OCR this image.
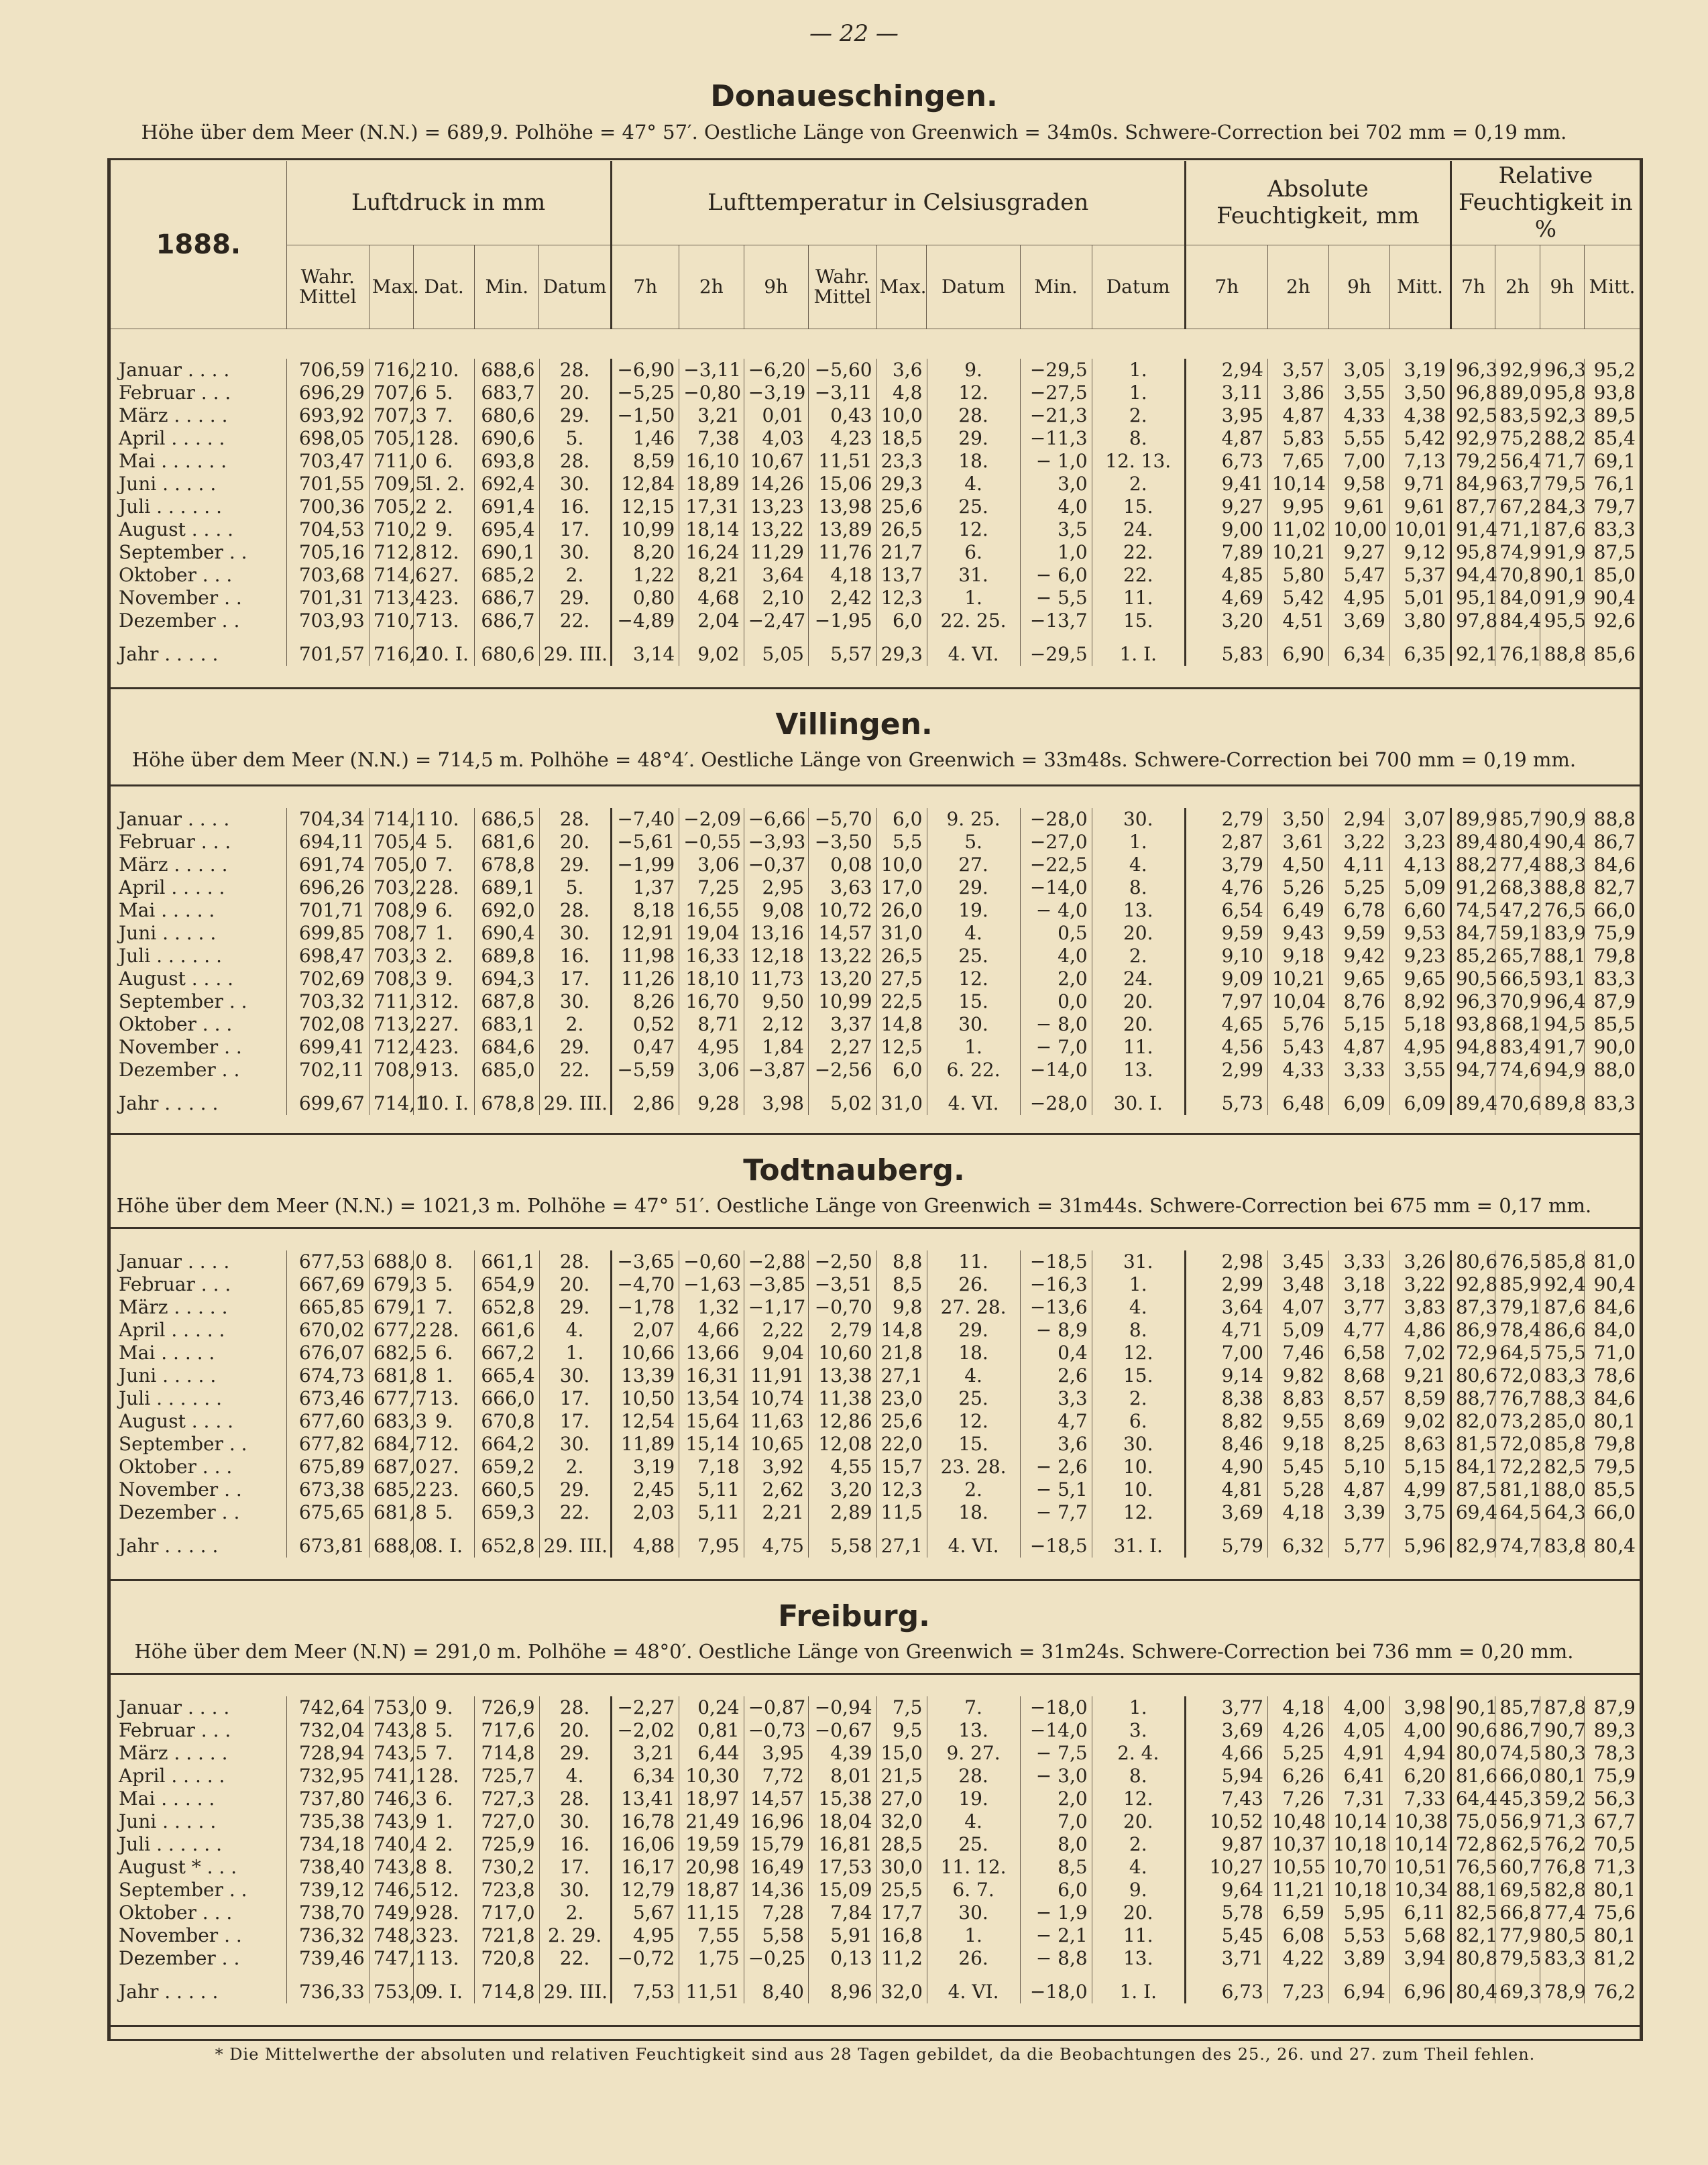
— 22 —
Donaueschingen.
Höhe über dem Meer (N.N.) = 689,9. Polhöhe = 47° 57′. Oestliche Länge von Greenwich = 34m0s. Schwere-Correction bei 702 mm = 0,19 mm.
1888.	Luftdruck in mm					Lufttemperatur in Celsiusgraden								Absolute Feuchtigkeit, mm				Relative Feuchtigkeit in %			
	Wahr. Mittel	Max.	Dat.	Min.	Datum	7h	2h	9h	Wahr. Mittel	Max.	Datum	Min.	Datum	7h	2h	9h	Mitt.	7h	2h	9h	Mitt.
Januar . . . .	706,59	716,2	10.	688,6	28.	−6,90	−3,11	−6,20	−5,60	3,6	9.	−29,5	1.	2,94	3,57	3,05	3,19	96,3	92,9	96,3	95,2
Februar . . .	696,29	707,6	5.	683,7	20.	−5,25	−0,80	−3,19	−3,11	4,8	12.	−27,5	1.	3,11	3,86	3,55	3,50	96,8	89,0	95,8	93,8
März . . . . .	693,92	707,3	7.	680,6	29.	−1,50	3,21	0,01	0,43	10,0	28.	−21,3	2.	3,95	4,87	4,33	4,38	92,5	83,5	92,3	89,5
April . . . . .	698,05	705,1	28.	690,6	5.	1,46	7,38	4,03	4,23	18,5	29.	−11,3	8.	4,87	5,83	5,55	5,42	92,9	75,2	88,2	85,4
Mai . . . . . .	703,47	711,0	6.	693,8	28.	8,59	16,10	10,67	11,51	23,3	18.	− 1,0	12. 13.	6,73	7,65	7,00	7,13	79,2	56,4	71,7	69,1
Juni . . . . .	701,55	709,5	1. 2.	692,4	30.	12,84	18,89	14,26	15,06	29,3	4.	3,0	2.	9,41	10,14	9,58	9,71	84,9	63,7	79,5	76,1
Juli . . . . . .	700,36	705,2	2.	691,4	16.	12,15	17,31	13,23	13,98	25,6	25.	4,0	15.	9,27	9,95	9,61	9,61	87,7	67,2	84,3	79,7
August . . . .	704,53	710,2	9.	695,4	17.	10,99	18,14	13,22	13,89	26,5	12.	3,5	24.	9,00	11,02	10,00	10,01	91,4	71,1	87,6	83,3
September . .	705,16	712,8	12.	690,1	30.	8,20	16,24	11,29	11,76	21,7	6.	1,0	22.	7,89	10,21	9,27	9,12	95,8	74,9	91,9	87,5
Oktober . . .	703,68	714,6	27.	685,2	2.	1,22	8,21	3,64	4,18	13,7	31.	− 6,0	22.	4,85	5,80	5,47	5,37	94,4	70,8	90,1	85,0
November . .	701,31	713,4	23.	686,7	29.	0,80	4,68	2,10	2,42	12,3	1.	− 5,5	11.	4,69	5,42	4,95	5,01	95,1	84,0	91,9	90,4
Dezember . .	703,93	710,7	13.	686,7	22.	−4,89	2,04	−2,47	−1,95	6,0	22. 25.	−13,7	15.	3,20	4,51	3,69	3,80	97,8	84,4	95,5	92,6
Jahr . . . . .	701,57	716,2	10. I.	680,6	29. III.	3,14	9,02	5,05	5,57	29,3	4. VI.	−29,5	1. I.	5,83	6,90	6,34	6,35	92,1	76,1	88,8	85,6
Villingen.
Höhe über dem Meer (N.N.) = 714,5 m. Polhöhe = 48°4′. Oestliche Länge von Greenwich = 33m48s. Schwere-Correction bei 700 mm = 0,19 mm.
Januar . . . .	704,34	714,1	10.	686,5	28.	−7,40	−2,09	−6,66	−5,70	6,0	9. 25.	−28,0	30.	2,79	3,50	2,94	3,07	89,9	85,7	90,9	88,8
Februar . . .	694,11	705,4	5.	681,6	20.	−5,61	−0,55	−3,93	−3,50	5,5	5.	−27,0	1.	2,87	3,61	3,22	3,23	89,4	80,4	90,4	86,7
März . . . . .	691,74	705,0	7.	678,8	29.	−1,99	3,06	−0,37	0,08	10,0	27.	−22,5	4.	3,79	4,50	4,11	4,13	88,2	77,4	88,3	84,6
April . . . . .	696,26	703,2	28.	689,1	5.	1,37	7,25	2,95	3,63	17,0	29.	−14,0	8.	4,76	5,26	5,25	5,09	91,2	68,3	88,8	82,7
Mai . . . . .	701,71	708,9	6.	692,0	28.	8,18	16,55	9,08	10,72	26,0	19.	− 4,0	13.	6,54	6,49	6,78	6,60	74,5	47,2	76,5	66,0
Juni . . . . .	699,85	708,7	1.	690,4	30.	12,91	19,04	13,16	14,57	31,0	4.	0,5	20.	9,59	9,43	9,59	9,53	84,7	59,1	83,9	75,9
Juli . . . . . .	698,47	703,3	2.	689,8	16.	11,98	16,33	12,18	13,22	26,5	25.	4,0	2.	9,10	9,18	9,42	9,23	85,2	65,7	88,1	79,8
August . . . .	702,69	708,3	9.	694,3	17.	11,26	18,10	11,73	13,20	27,5	12.	2,0	24.	9,09	10,21	9,65	9,65	90,5	66,5	93,1	83,3
September . .	703,32	711,3	12.	687,8	30.	8,26	16,70	9,50	10,99	22,5	15.	0,0	20.	7,97	10,04	8,76	8,92	96,3	70,9	96,4	87,9
Oktober . . .	702,08	713,2	27.	683,1	2.	0,52	8,71	2,12	3,37	14,8	30.	− 8,0	20.	4,65	5,76	5,15	5,18	93,8	68,1	94,5	85,5
November . .	699,41	712,4	23.	684,6	29.	0,47	4,95	1,84	2,27	12,5	1.	− 7,0	11.	4,56	5,43	4,87	4,95	94,8	83,4	91,7	90,0
Dezember . .	702,11	708,9	13.	685,0	22.	−5,59	3,06	−3,87	−2,56	6,0	6. 22.	−14,0	13.	2,99	4,33	3,33	3,55	94,7	74,6	94,9	88,0
Jahr . . . . .	699,67	714,1	10. I.	678,8	29. III.	2,86	9,28	3,98	5,02	31,0	4. VI.	−28,0	30. I.	5,73	6,48	6,09	6,09	89,4	70,6	89,8	83,3
Todtnauberg.
Höhe über dem Meer (N.N.) = 1021,3 m. Polhöhe = 47° 51′. Oestliche Länge von Greenwich = 31m44s. Schwere-Correction bei 675 mm = 0,17 mm.
Januar . . . .	677,53	688,0	8.	661,1	28.	−3,65	−0,60	−2,88	−2,50	8,8	11.	−18,5	31.	2,98	3,45	3,33	3,26	80,6	76,5	85,8	81,0
Februar . . .	667,69	679,3	5.	654,9	20.	−4,70	−1,63	−3,85	−3,51	8,5	26.	−16,3	1.	2,99	3,48	3,18	3,22	92,8	85,9	92,4	90,4
März . . . . .	665,85	679,1	7.	652,8	29.	−1,78	1,32	−1,17	−0,70	9,8	27. 28.	−13,6	4.	3,64	4,07	3,77	3,83	87,3	79,1	87,6	84,6
April . . . . .	670,02	677,2	28.	661,6	4.	2,07	4,66	2,22	2,79	14,8	29.	− 8,9	8.	4,71	5,09	4,77	4,86	86,9	78,4	86,6	84,0
Mai . . . . .	676,07	682,5	6.	667,2	1.	10,66	13,66	9,04	10,60	21,8	18.	0,4	12.	7,00	7,46	6,58	7,02	72,9	64,5	75,5	71,0
Juni . . . . .	674,73	681,8	1.	665,4	30.	13,39	16,31	11,91	13,38	27,1	4.	2,6	15.	9,14	9,82	8,68	9,21	80,6	72,0	83,3	78,6
Juli . . . . . .	673,46	677,7	13.	666,0	17.	10,50	13,54	10,74	11,38	23,0	25.	3,3	2.	8,38	8,83	8,57	8,59	88,7	76,7	88,3	84,6
August . . . .	677,60	683,3	9.	670,8	17.	12,54	15,64	11,63	12,86	25,6	12.	4,7	6.	8,82	9,55	8,69	9,02	82,0	73,2	85,0	80,1
September . .	677,82	684,7	12.	664,2	30.	11,89	15,14	10,65	12,08	22,0	15.	3,6	30.	8,46	9,18	8,25	8,63	81,5	72,0	85,8	79,8
Oktober . . .	675,89	687,0	27.	659,2	2.	3,19	7,18	3,92	4,55	15,7	23. 28.	− 2,6	10.	4,90	5,45	5,10	5,15	84,1	72,2	82,5	79,5
November . .	673,38	685,2	23.	660,5	29.	2,45	5,11	2,62	3,20	12,3	2.	− 5,1	10.	4,81	5,28	4,87	4,99	87,5	81,1	88,0	85,5
Dezember . .	675,65	681,8	5.	659,3	22.	2,03	5,11	2,21	2,89	11,5	18.	− 7,7	12.	3,69	4,18	3,39	3,75	69,4	64,5	64,3	66,0
Jahr . . . . .	673,81	688,0	8. I.	652,8	29. III.	4,88	7,95	4,75	5,58	27,1	4. VI.	−18,5	31. I.	5,79	6,32	5,77	5,96	82,9	74,7	83,8	80,4
Freiburg.
Höhe über dem Meer (N.N) = 291,0 m. Polhöhe = 48°0′. Oestliche Länge von Greenwich = 31m24s. Schwere-Correction bei 736 mm = 0,20 mm.
Januar . . . .	742,64	753,0	9.	726,9	28.	−2,27	0,24	−0,87	−0,94	7,5	7.	−18,0	1.	3,77	4,18	4,00	3,98	90,1	85,7	87,8	87,9
Februar . . .	732,04	743,8	5.	717,6	20.	−2,02	0,81	−0,73	−0,67	9,5	13.	−14,0	3.	3,69	4,26	4,05	4,00	90,6	86,7	90,7	89,3
März . . . . .	728,94	743,5	7.	714,8	29.	3,21	6,44	3,95	4,39	15,0	9. 27.	− 7,5	2. 4.	4,66	5,25	4,91	4,94	80,0	74,5	80,3	78,3
April . . . . .	732,95	741,1	28.	725,7	4.	6,34	10,30	7,72	8,01	21,5	28.	− 3,0	8.	5,94	6,26	6,41	6,20	81,6	66,0	80,1	75,9
Mai . . . . .	737,80	746,3	6.	727,3	28.	13,41	18,97	14,57	15,38	27,0	19.	2,0	12.	7,43	7,26	7,31	7,33	64,4	45,3	59,2	56,3
Juni . . . . .	735,38	743,9	1.	727,0	30.	16,78	21,49	16,96	18,04	32,0	4.	7,0	20.	10,52	10,48	10,14	10,38	75,0	56,9	71,3	67,7
Juli . . . . . .	734,18	740,4	2.	725,9	16.	16,06	19,59	15,79	16,81	28,5	25.	8,0	2.	9,87	10,37	10,18	10,14	72,8	62,5	76,2	70,5
August * . . .	738,40	743,8	8.	730,2	17.	16,17	20,98	16,49	17,53	30,0	11. 12.	8,5	4.	10,27	10,55	10,70	10,51	76,5	60,7	76,8	71,3
September . .	739,12	746,5	12.	723,8	30.	12,79	18,87	14,36	15,09	25,5	6. 7.	6,0	9.	9,64	11,21	10,18	10,34	88,1	69,5	82,8	80,1
Oktober . . .	738,70	749,9	28.	717,0	2.	5,67	11,15	7,28	7,84	17,7	30.	− 1,9	20.	5,78	6,59	5,95	6,11	82,5	66,8	77,4	75,6
November . .	736,32	748,3	23.	721,8	2. 29.	4,95	7,55	5,58	5,91	16,8	1.	− 2,1	11.	5,45	6,08	5,53	5,68	82,1	77,9	80,5	80,1
Dezember . .	739,46	747,1	13.	720,8	22.	−0,72	1,75	−0,25	0,13	11,2	26.	− 8,8	13.	3,71	4,22	3,89	3,94	80,8	79,5	83,3	81,2
Jahr . . . . .	736,33	753,0	9. I.	714,8	29. III.	7,53	11,51	8,40	8,96	32,0	4. VI.	−18,0	1. I.	6,73	7,23	6,94	6,96	80,4	69,3	78,9	76,2
* Die Mittelwerthe der absoluten und relativen Feuchtigkeit sind aus 28 Tagen gebildet, da die Beobachtungen des 25., 26. und 27. zum Theil fehlen.
